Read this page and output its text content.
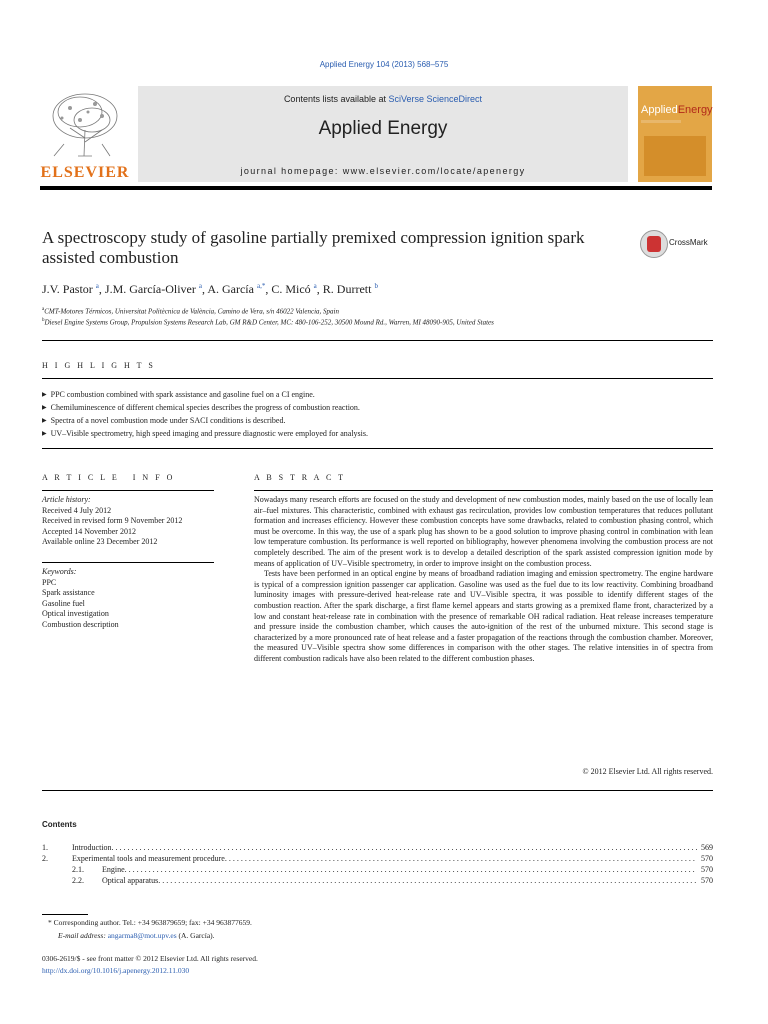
Applied Energy 104 (2013) 568–575
ELSEVIER
Contents lists available at SciVerse ScienceDirect
Applied Energy
journal homepage: www.elsevier.com/locate/apenergy
AppliedEnergy
A spectroscopy study of gasoline partially premixed compression ignition spark assisted combustion
CrossMark
J.V. Pastor $^a$, J.M. García-Oliver $^a$, A. García $^{a,*}$, C. Micó $^a$, R. Durrett $^b$
$^a$CMT-Motores Térmicos, Universitat Politècnica de València, Camino de Vera, s/n 46022 Valencia, Spain
$^b$Diesel Engine Systems Group, Propulsion Systems Research Lab, GM R&D Center, MC: 480-106-252, 30500 Mound Rd., Warren, MI 48090-905, United States
H I G H L I G H T S
▶ PPC combustion combined with spark assistance and gasoline fuel on a CI engine.
▶ Chemiluminescence of different chemical species describes the progress of combustion reaction.
▶ Spectra of a novel combustion mode under SACI conditions is described.
▶ UV–Visible spectrometry, high speed imaging and pressure diagnostic were employed for analysis.
A R T I C L E   I N F O
Article history:
Received 4 July 2012
Received in revised form 9 November 2012
Accepted 14 November 2012
Available online 23 December 2012
Keywords:
PPC
Spark assistance
Gasoline fuel
Optical investigation
Combustion description
A B S T R A C T

Nowadays many research efforts are focused on the study and development of new combustion modes, mainly based on the use of locally lean air–fuel mixtures. This characteristic, combined with exhaust gas recirculation, provides low combustion temperatures that reduces pollutant formation and increases efficiency. However these combustion concepts have some drawbacks, related to combustion phasing control, which must be overcome. In this way, the use of a spark plug has shown to be a good solution to improve phasing control in combination with lean low temperature combustion. Its performance is well reported on bibliography, however phenomena involving the combustion process are not completely described. The aim of the present work is to develop a detailed description of the spark assisted compression ignition mode by means of application of UV–Visible spectrometry, in order to improve insight on the combustion process.

Tests have been performed in an optical engine by means of broadband radiation imaging and emission spectrometry. The engine hardware is typical of a compression ignition passenger car application. Gasoline was used as the fuel due to its low reactivity. Combining broadband luminosity images with pressure-derived heat-release rate and UV–Visible spectra, it was possible to identify different stages of the combustion reaction. After the spark discharge, a first flame kernel appears and starts growing as a premixed flame front, characterized by a low and constant heat-release rate in combination with the presence of remarkable OH radical radiation. Heat release increases temperature and pressure inside the combustion chamber, which causes the auto-ignition of the rest of the unburned mixture. This second stage is characterized by a more pronounced rate of heat release and a faster propagation of the reactions through the combustion chamber. Moreover, the measured UV–Visible spectra show some differences in comparison with the other stages. The relative intensities in of spectra from different combustion radicals have also been related to the different combustion phases.

© 2012 Elsevier Ltd. All rights reserved.
Contents
1.	Introduction . . .	569
2.	Experimental tools and measurement procedure . . .	570
2.1.	Engine . . .	570
2.2.	Optical apparatus . . .	570
* Corresponding author. Tel.: +34 963879659; fax: +34 963877659.
E-mail address: angarma8@mot.upv.es (A. García).
0306-2619/$ - see front matter © 2012 Elsevier Ltd. All rights reserved.
http://dx.doi.org/10.1016/j.apenergy.2012.11.030
